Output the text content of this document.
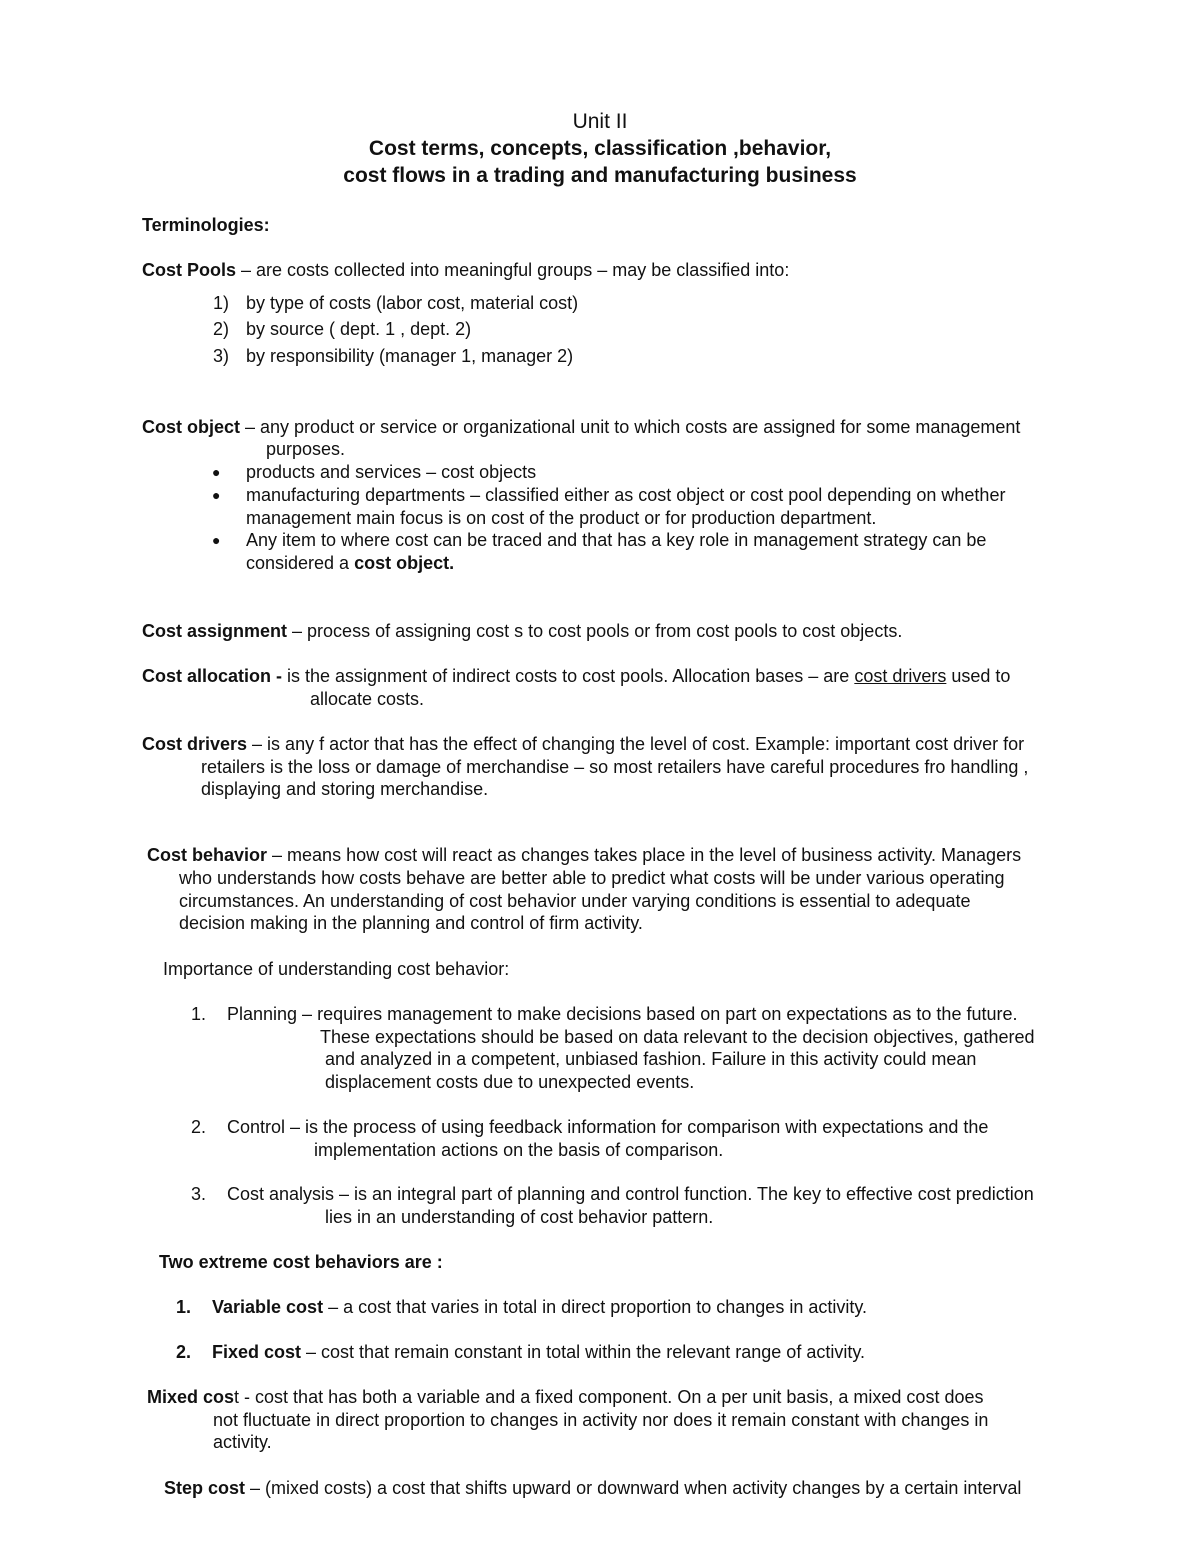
Unit II
Cost terms, concepts, classification ,behavior,
cost flows in a trading and manufacturing business
Terminologies:
Cost Pools – are costs collected into meaningful groups – may be classified into:
1) by type of costs (labor cost, material cost)
2) by source ( dept. 1 , dept. 2)
3) by responsibility (manager 1, manager 2)
Cost object – any product or service or organizational unit to which costs are assigned for some management
purposes.
● products and services – cost objects
● manufacturing departments – classified either as cost object or cost pool depending on whether
management main focus is on cost of the product or for production department.
● Any item to where cost can be traced and that has a key role in management strategy can be
considered a cost object.
Cost assignment – process of assigning cost s to cost pools or from cost pools to cost objects.
Cost allocation - is the assignment of indirect costs to cost pools. Allocation bases – are cost drivers used to
allocate costs.
Cost drivers – is any f actor that has the effect of changing the level of cost. Example: important cost driver for
retailers is the loss or damage of merchandise – so most retailers have careful procedures fro handling ,
displaying and storing merchandise.
Cost behavior – means how cost will react as changes takes place in the level of business activity. Managers
who understands how costs behave are better able to predict what costs will be under various operating
circumstances. An understanding of cost behavior under varying conditions is essential to adequate
decision making in the planning and control of firm activity.
Importance of understanding cost behavior:
1. Planning – requires management to make decisions based on part on expectations as to the future.
These expectations should be based on data relevant to the decision objectives, gathered
and analyzed in a competent, unbiased fashion. Failure in this activity could mean
displacement costs due to unexpected events.
2. Control – is the process of using feedback information for comparison with expectations and the
implementation actions on the basis of comparison.
3. Cost analysis – is an integral part of planning and control function. The key to effective cost prediction
lies in an understanding of cost behavior pattern.
Two extreme cost behaviors are :
1. Variable cost – a cost that varies in total in direct proportion to changes in activity.
2. Fixed cost – cost that remain constant in total within the relevant range of activity.
Mixed cost - cost that has both a variable and a fixed component. On a per unit basis, a mixed cost does
not fluctuate in direct proportion to changes in activity nor does it remain constant with changes in
activity.
Step cost – (mixed costs) a cost that shifts upward or downward when activity changes by a certain interval
